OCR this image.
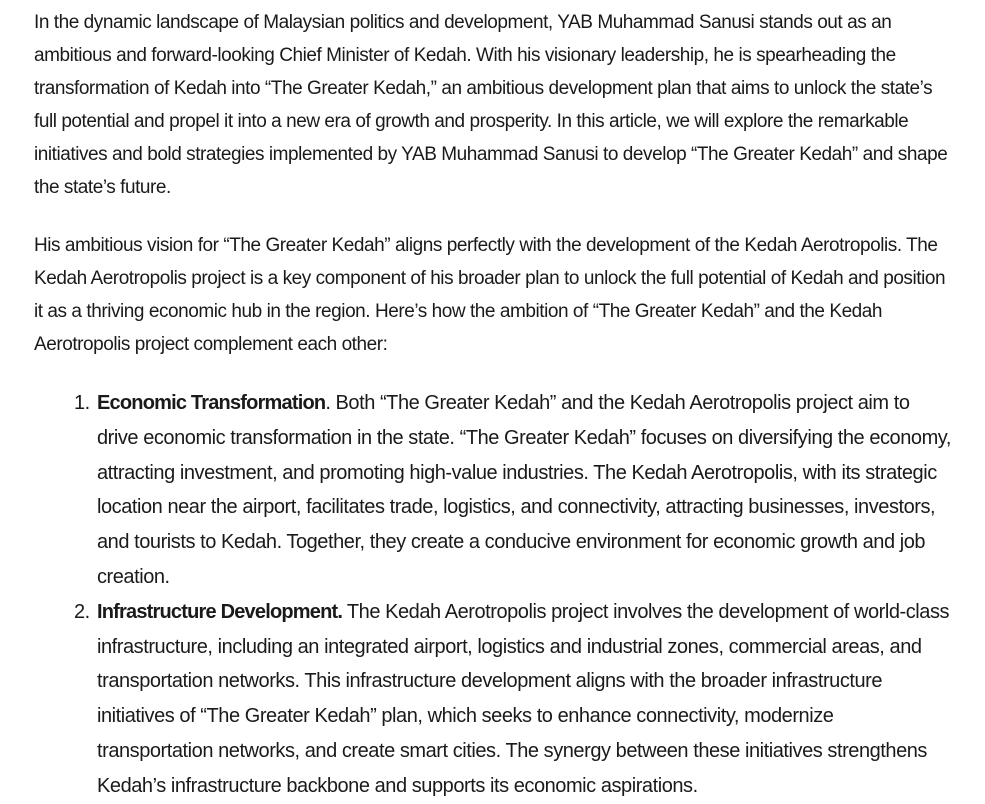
In the dynamic landscape of Malaysian politics and development, YAB Muhammad Sanusi stands out as an ambitious and forward-looking Chief Minister of Kedah. With his visionary leadership, he is spearheading the transformation of Kedah into “The Greater Kedah,” an ambitious development plan that aims to unlock the state’s full potential and propel it into a new era of growth and prosperity. In this article, we will explore the remarkable initiatives and bold strategies implemented by YAB Muhammad Sanusi to develop “The Greater Kedah” and shape the state’s future.

His ambitious vision for “The Greater Kedah” aligns perfectly with the development of the Kedah Aerotropolis. The Kedah Aerotropolis project is a key component of his broader plan to unlock the full potential of Kedah and position it as a thriving economic hub in the region. Here’s how the ambition of “The Greater Kedah” and the Kedah Aerotropolis project complement each other:

1. Economic Transformation. Both “The Greater Kedah” and the Kedah Aerotropolis project aim to drive economic transformation in the state. “The Greater Kedah” focuses on diversifying the economy, attracting investment, and promoting high-value industries. The Kedah Aerotropolis, with its strategic location near the airport, facilitates trade, logistics, and connectivity, attracting businesses, investors, and tourists to Kedah. Together, they create a conducive environment for economic growth and job creation.
2. Infrastructure Development. The Kedah Aerotropolis project involves the development of world-class infrastructure, including an integrated airport, logistics and industrial zones, commercial areas, and transportation networks. This infrastructure development aligns with the broader infrastructure initiatives of “The Greater Kedah” plan, which seeks to enhance connectivity, modernize transportation networks, and create smart cities. The synergy between these initiatives strengthens Kedah’s infrastructure backbone and supports its economic aspirations.
